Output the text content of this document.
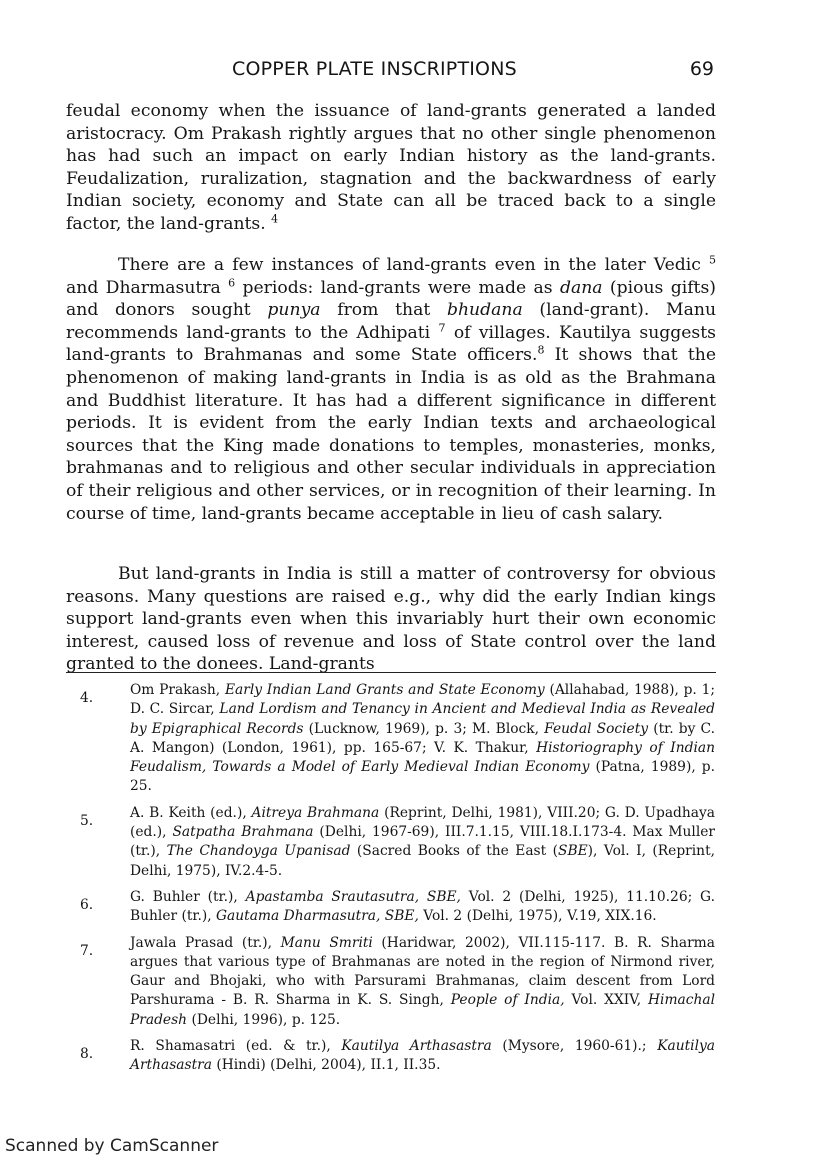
COPPER PLATE INSCRIPTIONS	69

feudal economy when the issuance of land-grants generated a landed aristocracy. Om Prakash rightly argues that no other single phenomenon has had such an impact on early Indian history as the land-grants. Feudalization, ruralization, stagnation and the backwardness of early Indian society, economy and State can all be traced back to a single factor, the land-grants. $^4$

There are a few instances of land-grants even in the later Vedic $^5$ and Dharmasutra $^6$ periods: land-grants were made as dana (pious gifts) and donors sought punya from that bhudana (land-grant). Manu recommends land-grants to the Adhipati $^7$ of villages. Kautilya suggests land-grants to Brahmanas and some State officers.$^8$ It shows that the phenomenon of making land-grants in India is as old as the Brahmana and Buddhist literature. It has had a different significance in different periods. It is evident from the early Indian texts and archaeological sources that the King made donations to temples, monasteries, monks, brahmanas and to religious and other secular individuals in appreciation of their religious and other services, or in recognition of their learning. In course of time, land-grants became acceptable in lieu of cash salary.

But land-grants in India is still a matter of controversy for obvious reasons. Many questions are raised e.g., why did the early Indian kings support land-grants even when this invariably hurt their own economic interest, caused loss of revenue and loss of State control over the land granted to the donees. Land-grants

4.	Om Prakash, Early Indian Land Grants and State Economy (Allahabad, 1988), p. 1; D. C. Sircar, Land Lordism and Tenancy in Ancient and Medieval India as Revealed by Epigraphical Records (Lucknow, 1969), p. 3; M. Block, Feudal Society (tr. by C. A. Mangon) (London, 1961), pp. 165-67; V. K. Thakur, Historiography of Indian Feudalism, Towards a Model of Early Medieval Indian Economy (Patna, 1989), p. 25.
5.	A. B. Keith (ed.), Aitreya Brahmana (Reprint, Delhi, 1981), VIII.20; G. D. Upadhaya (ed.), Satpatha Brahmana (Delhi, 1967-69), III.7.1.15, VIII.18.I.173-4. Max Muller (tr.), The Chandoyga Upanisad (Sacred Books of the East (SBE), Vol. I, (Reprint, Delhi, 1975), IV.2.4-5.
6.	G. Buhler (tr.), Apastamba Srautasutra, SBE, Vol. 2 (Delhi, 1925), 11.10.26; G. Buhler (tr.), Gautama Dharmasutra, SBE, Vol. 2 (Delhi, 1975), V.19, XIX.16.
7.	Jawala Prasad (tr.), Manu Smriti (Haridwar, 2002), VII.115-117. B. R. Sharma argues that various type of Brahmanas are noted in the region of Nirmond river, Gaur and Bhojaki, who with Parsurami Brahmanas, claim descent from Lord Parshurama - B. R. Sharma in K. S. Singh, People of India, Vol. XXIV, Himachal Pradesh (Delhi, 1996), p. 125.
8.	R. Shamasatri (ed. & tr.), Kautilya Arthasastra (Mysore, 1960-61).; Kautilya Arthasastra (Hindi) (Delhi, 2004), II.1, II.35.
Scanned by CamScanner
